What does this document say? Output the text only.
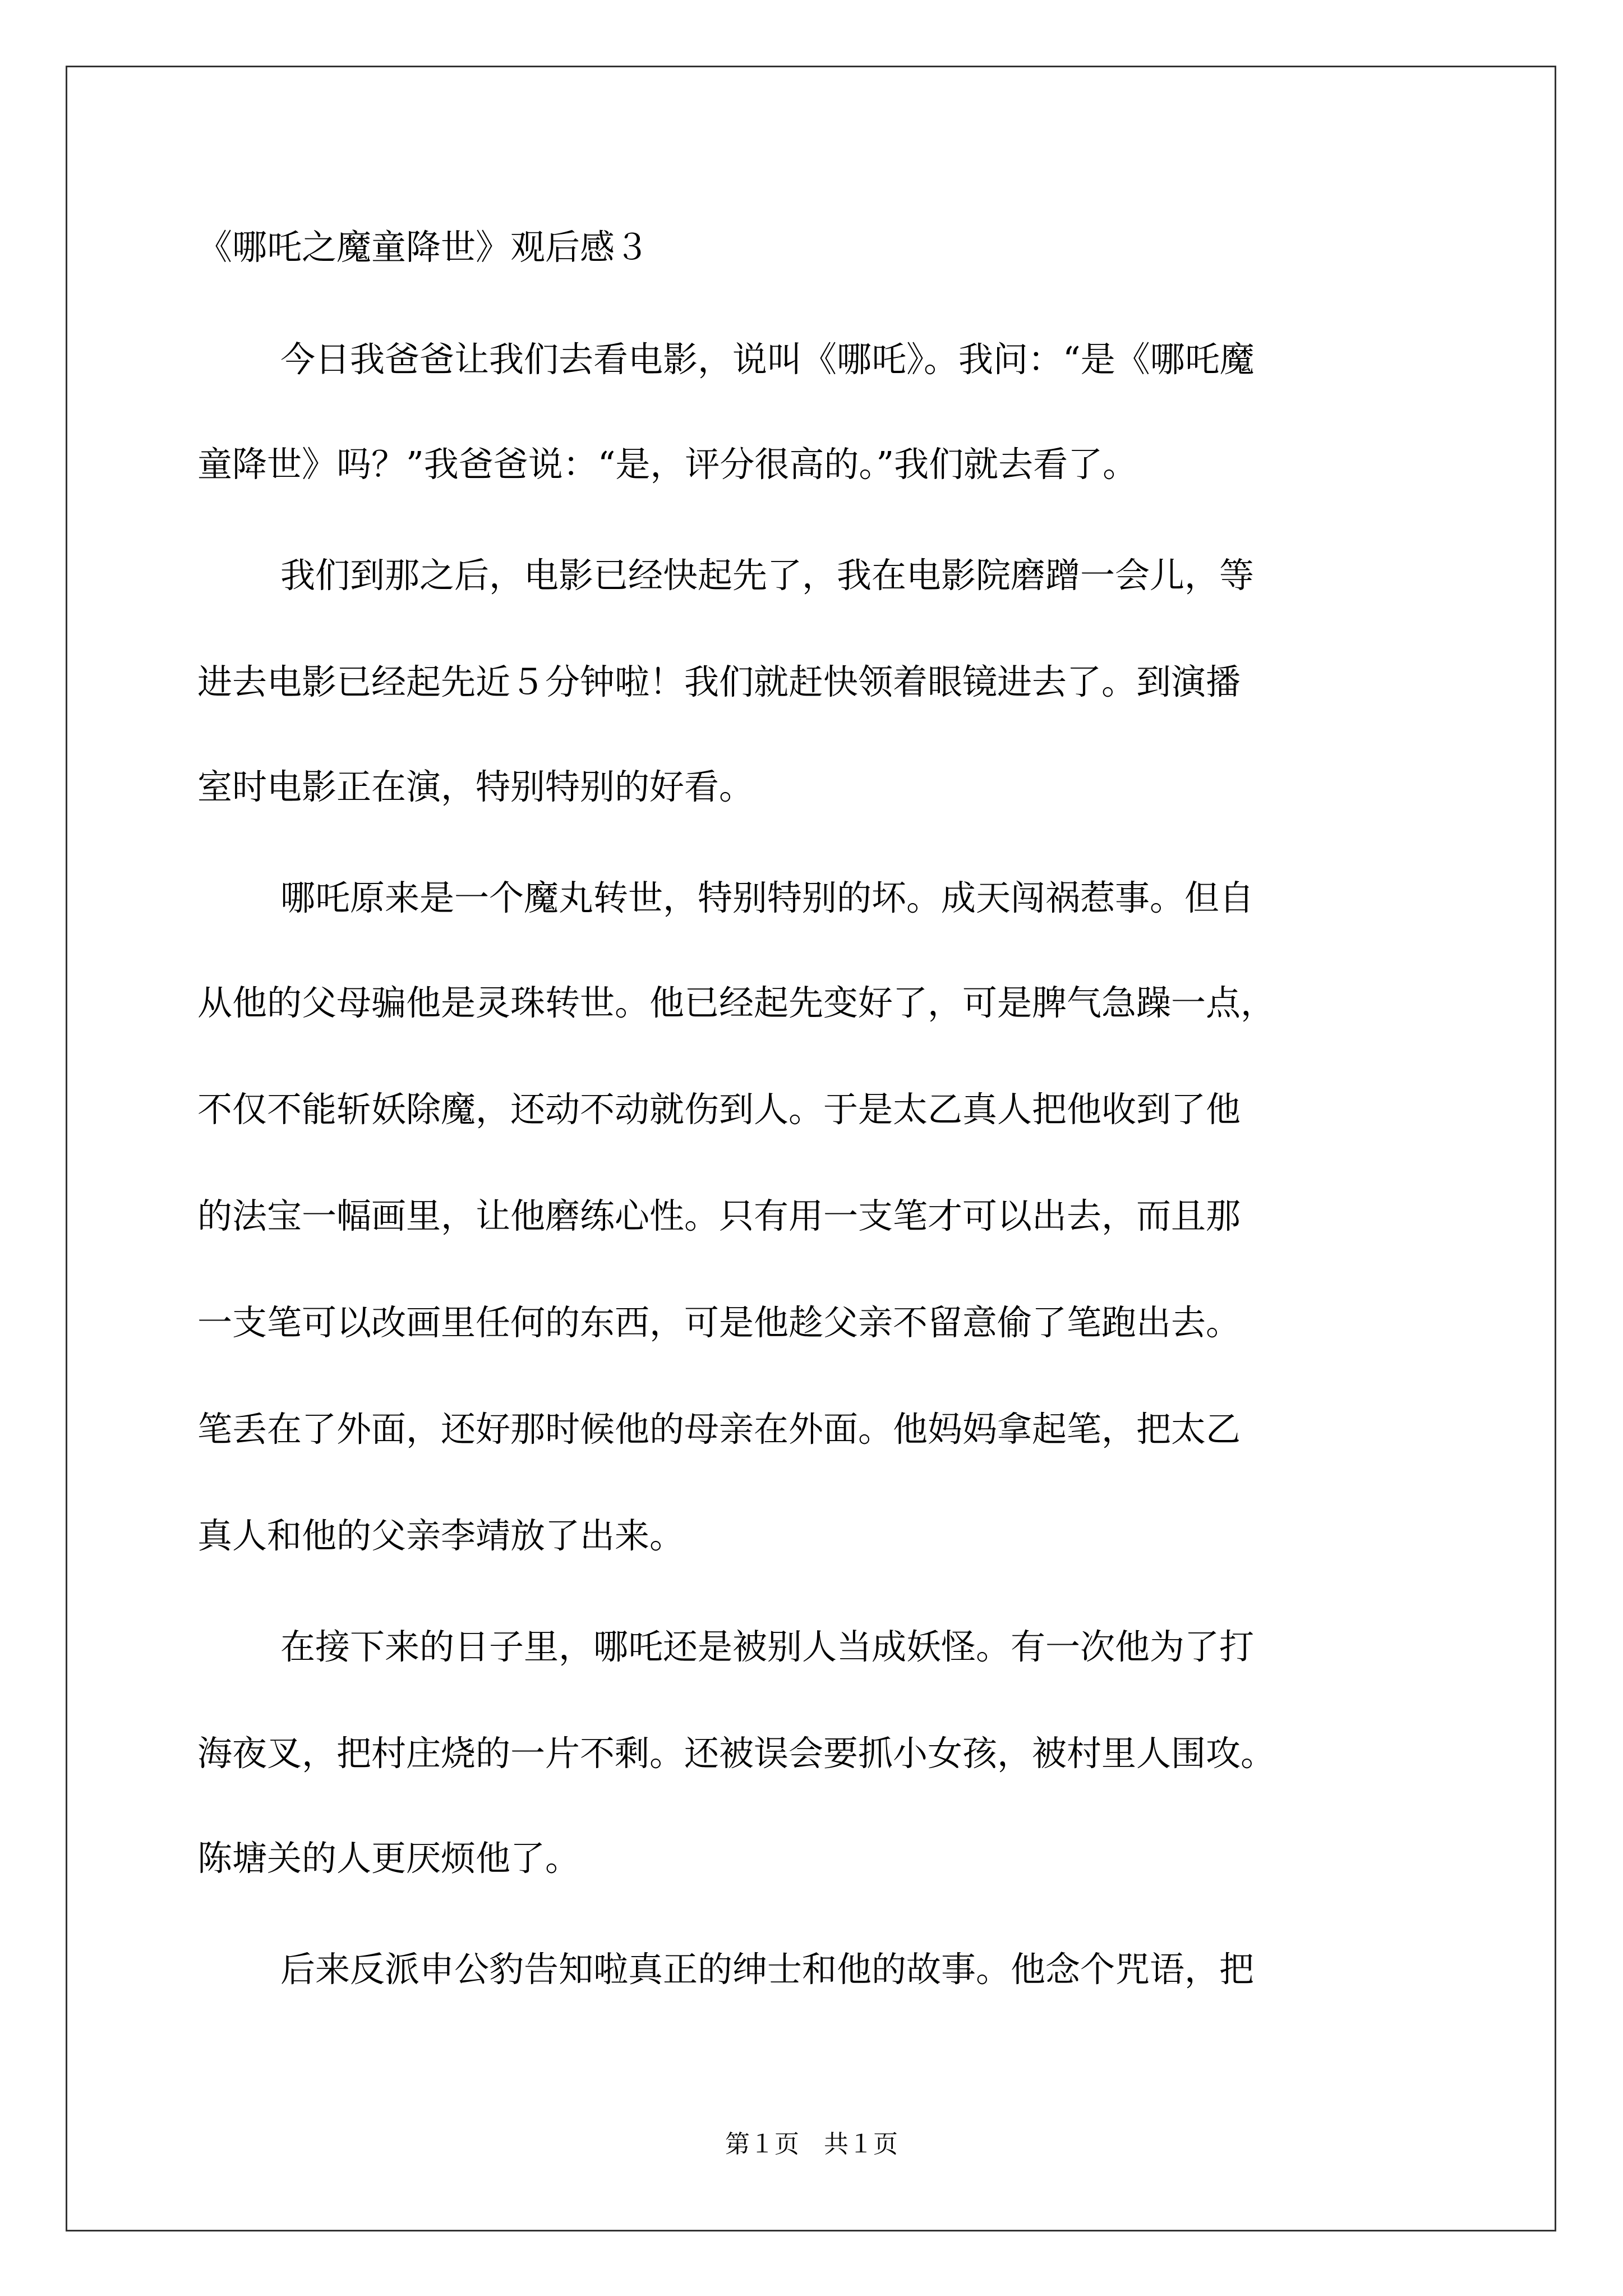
《哪吒之魔童降世》观后感３
今日我爸爸让我们去看电影，说叫《哪吒》。我问：“是《哪吒魔
童降世》吗？”我爸爸说：“是，评分很高的。”我们就去看了。
我们到那之后，电影已经快起先了，我在电影院磨蹭一会儿，等
进去电影已经起先近５分钟啦！我们就赶快领着眼镜进去了。到演播
室时电影正在演，特别特别的好看。
哪吒原来是一个魔丸转世，特别特别的坏。成天闯祸惹事。但自
从他的父母骗他是灵珠转世。他已经起先变好了，可是脾气急躁一点，
不仅不能斩妖除魔，还动不动就伤到人。于是太乙真人把他收到了他
的法宝一幅画里，让他磨练心性。只有用一支笔才可以出去，而且那
一支笔可以改画里任何的东西，可是他趁父亲不留意偷了笔跑出去。
笔丢在了外面，还好那时候他的母亲在外面。他妈妈拿起笔，把太乙
真人和他的父亲李靖放了出来。
在接下来的日子里，哪吒还是被别人当成妖怪。有一次他为了打
海夜叉，把村庄烧的一片不剩。还被误会要抓小女孩，被村里人围攻。
陈塘关的人更厌烦他了。
后来反派申公豹告知啦真正的绅士和他的故事。他念个咒语，把
第１页　共１页
